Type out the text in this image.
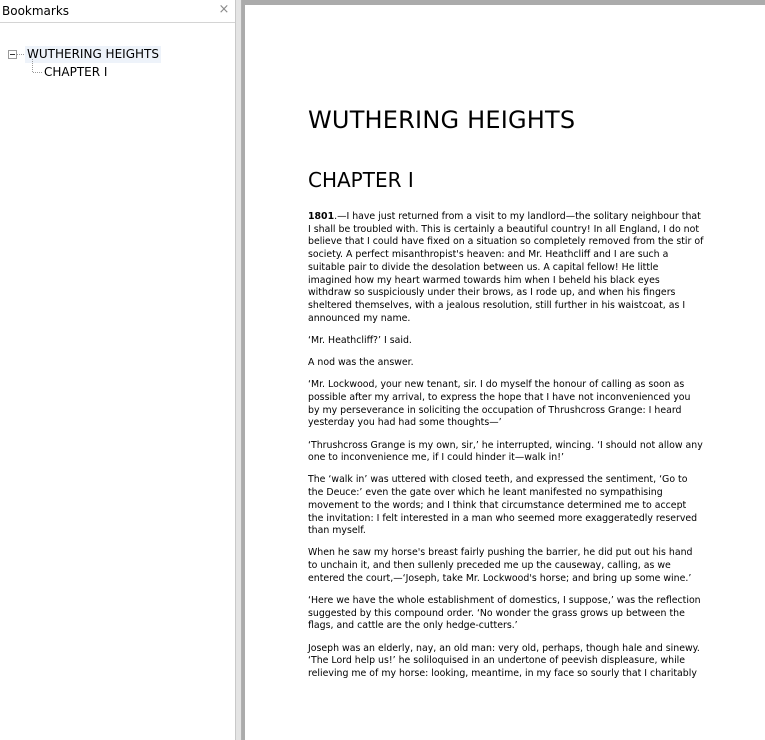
Bookmarks	×
WUTHERING HEIGHTS
CHAPTER I
WUTHERING HEIGHTS
CHAPTER I

1801.—I have just returned from a visit to my landlord—the solitary neighbour that I shall be troubled with. This is certainly a beautiful country! In all England, I do not believe that I could have fixed on a situation so completely removed from the stir of society. A perfect misanthropist's heaven: and Mr. Heathcliff and I are such a suitable pair to divide the desolation between us. A capital fellow! He little imagined how my heart warmed towards him when I beheld his black eyes withdraw so suspiciously under their brows, as I rode up, and when his fingers sheltered themselves, with a jealous resolution, still further in his waistcoat, as I announced my name.

‘Mr. Heathcliff?’ I said.

A nod was the answer.

‘Mr. Lockwood, your new tenant, sir. I do myself the honour of calling as soon as possible after my arrival, to express the hope that I have not inconvenienced you by my perseverance in soliciting the occupation of Thrushcross Grange: I heard yesterday you had had some thoughts—’

‘Thrushcross Grange is my own, sir,’ he interrupted, wincing. ‘I should not allow any one to inconvenience me, if I could hinder it—walk in!’

The ‘walk in’ was uttered with closed teeth, and expressed the sentiment, ‘Go to the Deuce:’ even the gate over which he leant manifested no sympathising movement to the words; and I think that circumstance determined me to accept the invitation: I felt interested in a man who seemed more exaggeratedly reserved than myself.

When he saw my horse's breast fairly pushing the barrier, he did put out his hand to unchain it, and then sullenly preceded me up the causeway, calling, as we entered the court,—‘Joseph, take Mr. Lockwood's horse; and bring up some wine.’

‘Here we have the whole establishment of domestics, I suppose,’ was the reflection suggested by this compound order. ‘No wonder the grass grows up between the flags, and cattle are the only hedge-cutters.’

Joseph was an elderly, nay, an old man: very old, perhaps, though hale and sinewy. ‘The Lord help us!’ he soliloquised in an undertone of peevish displeasure, while relieving me of my horse: looking, meantime, in my face so sourly that I charitably
